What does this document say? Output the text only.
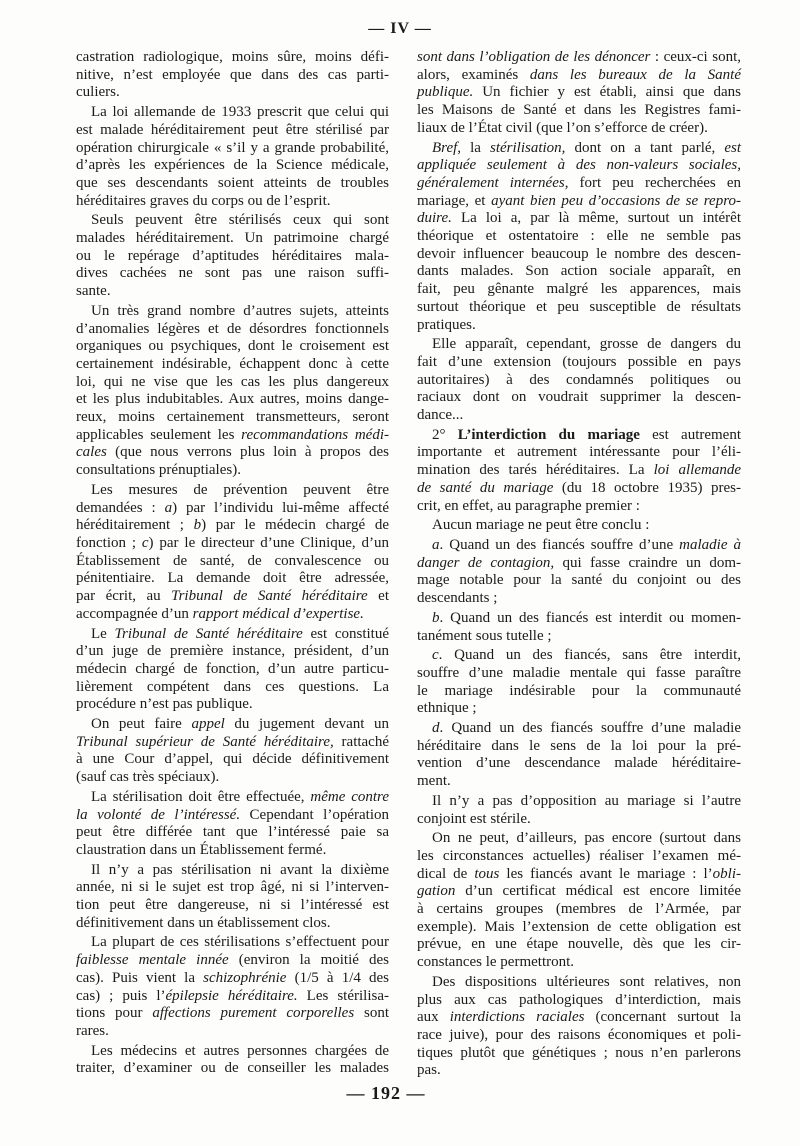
— IV —
castration radiologique, moins sûre, moins défi-
nitive, n’est employée que dans des cas parti-
culiers.
La loi allemande de 1933 prescrit que celui qui
est malade héréditairement peut être stérilisé par
opération chirurgicale « s’il y a grande probabilité,
d’après les expériences de la Science médicale,
que ses descendants soient atteints de troubles
héréditaires graves du corps ou de l’esprit.
Seuls peuvent être stérilisés ceux qui sont
malades héréditairement. Un patrimoine chargé
ou le repérage d’aptitudes héréditaires mala-
dives cachées ne sont pas une raison suffi-
sante.
Un très grand nombre d’autres sujets, atteints
d’anomalies légères et de désordres fonctionnels
organiques ou psychiques, dont le croisement est
certainement indésirable, échappent donc à cette
loi, qui ne vise que les cas les plus dangereux
et les plus indubitables. Aux autres, moins dange-
reux, moins certainement transmetteurs, seront
applicables seulement les recommandations médi-
cales (que nous verrons plus loin à propos des
consultations prénuptiales).
Les mesures de prévention peuvent être
demandées : a) par l’individu lui-même affecté
héréditairement ; b) par le médecin chargé de
fonction ; c) par le directeur d’une Clinique, d’un
Établissement de santé, de convalescence ou
pénitentiaire. La demande doit être adressée,
par écrit, au Tribunal de Santé héréditaire et
accompagnée d’un rapport médical d’expertise.
Le Tribunal de Santé héréditaire est constitué
d’un juge de première instance, président, d’un
médecin chargé de fonction, d’un autre particu-
lièrement compétent dans ces questions. La
procédure n’est pas publique.
On peut faire appel du jugement devant un
Tribunal supérieur de Santé héréditaire, rattaché
à une Cour d’appel, qui décide définitivement
(sauf cas très spéciaux).
La stérilisation doit être effectuée, même contre
la volonté de l’intéressé. Cependant l’opération
peut être différée tant que l’intéressé paie sa
claustration dans un Établissement fermé.
Il n’y a pas stérilisation ni avant la dixième
année, ni si le sujet est trop âgé, ni si l’interven-
tion peut être dangereuse, ni si l’intéressé est
définitivement dans un établissement clos.
La plupart de ces stérilisations s’effectuent pour
faiblesse mentale innée (environ la moitié des
cas). Puis vient la schizophrénie (1/5 à 1/4 des
cas) ; puis l’épilepsie héréditaire. Les stérilisa-
tions pour affections purement corporelles sont
rares.
Les médecins et autres personnes chargées de
traiter, d’examiner ou de conseiller les malades
sont dans l’obligation de les dénoncer : ceux-ci sont,
alors, examinés dans les bureaux de la Santé
publique. Un fichier y est établi, ainsi que dans
les Maisons de Santé et dans les Registres fami-
liaux de l’État civil (que l’on s’efforce de créer).
Bref, la stérilisation, dont on a tant parlé, est
appliquée seulement à des non-valeurs sociales,
généralement internées, fort peu recherchées en
mariage, et ayant bien peu d’occasions de se repro-
duire. La loi a, par là même, surtout un intérêt
théorique et ostentatoire : elle ne semble pas
devoir influencer beaucoup le nombre des descen-
dants malades. Son action sociale apparaît, en
fait, peu gênante malgré les apparences, mais
surtout théorique et peu susceptible de résultats
pratiques.
Elle apparaît, cependant, grosse de dangers du
fait d’une extension (toujours possible en pays
autoritaires) à des condamnés politiques ou
raciaux dont on voudrait supprimer la descen-
dance...
2° L’interdiction du mariage est autrement
importante et autrement intéressante pour l’éli-
mination des tarés héréditaires. La loi allemande
de santé du mariage (du 18 octobre 1935) pres-
crit, en effet, au paragraphe premier :
Aucun mariage ne peut être conclu :
a. Quand un des fiancés souffre d’une maladie à
danger de contagion, qui fasse craindre un dom-
mage notable pour la santé du conjoint ou des
descendants ;
b. Quand un des fiancés est interdit ou momen-
tanément sous tutelle ;
c. Quand un des fiancés, sans être interdit,
souffre d’une maladie mentale qui fasse paraître
le mariage indésirable pour la communauté
ethnique ;
d. Quand un des fiancés souffre d’une maladie
héréditaire dans le sens de la loi pour la pré-
vention d’une descendance malade héréditaire-
ment.
Il n’y a pas d’opposition au mariage si l’autre
conjoint est stérile.
On ne peut, d’ailleurs, pas encore (surtout dans
les circonstances actuelles) réaliser l’examen mé-
dical de tous les fiancés avant le mariage : l’obli-
gation d’un certificat médical est encore limitée
à certains groupes (membres de l’Armée, par
exemple). Mais l’extension de cette obligation est
prévue, en une étape nouvelle, dès que les cir-
constances le permettront.
Des dispositions ultérieures sont relatives, non
plus aux cas pathologiques d’interdiction, mais
aux interdictions raciales (concernant surtout la
race juive), pour des raisons économiques et poli-
tiques plutôt que génétiques ; nous n’en parlerons
pas.
— 192 —
